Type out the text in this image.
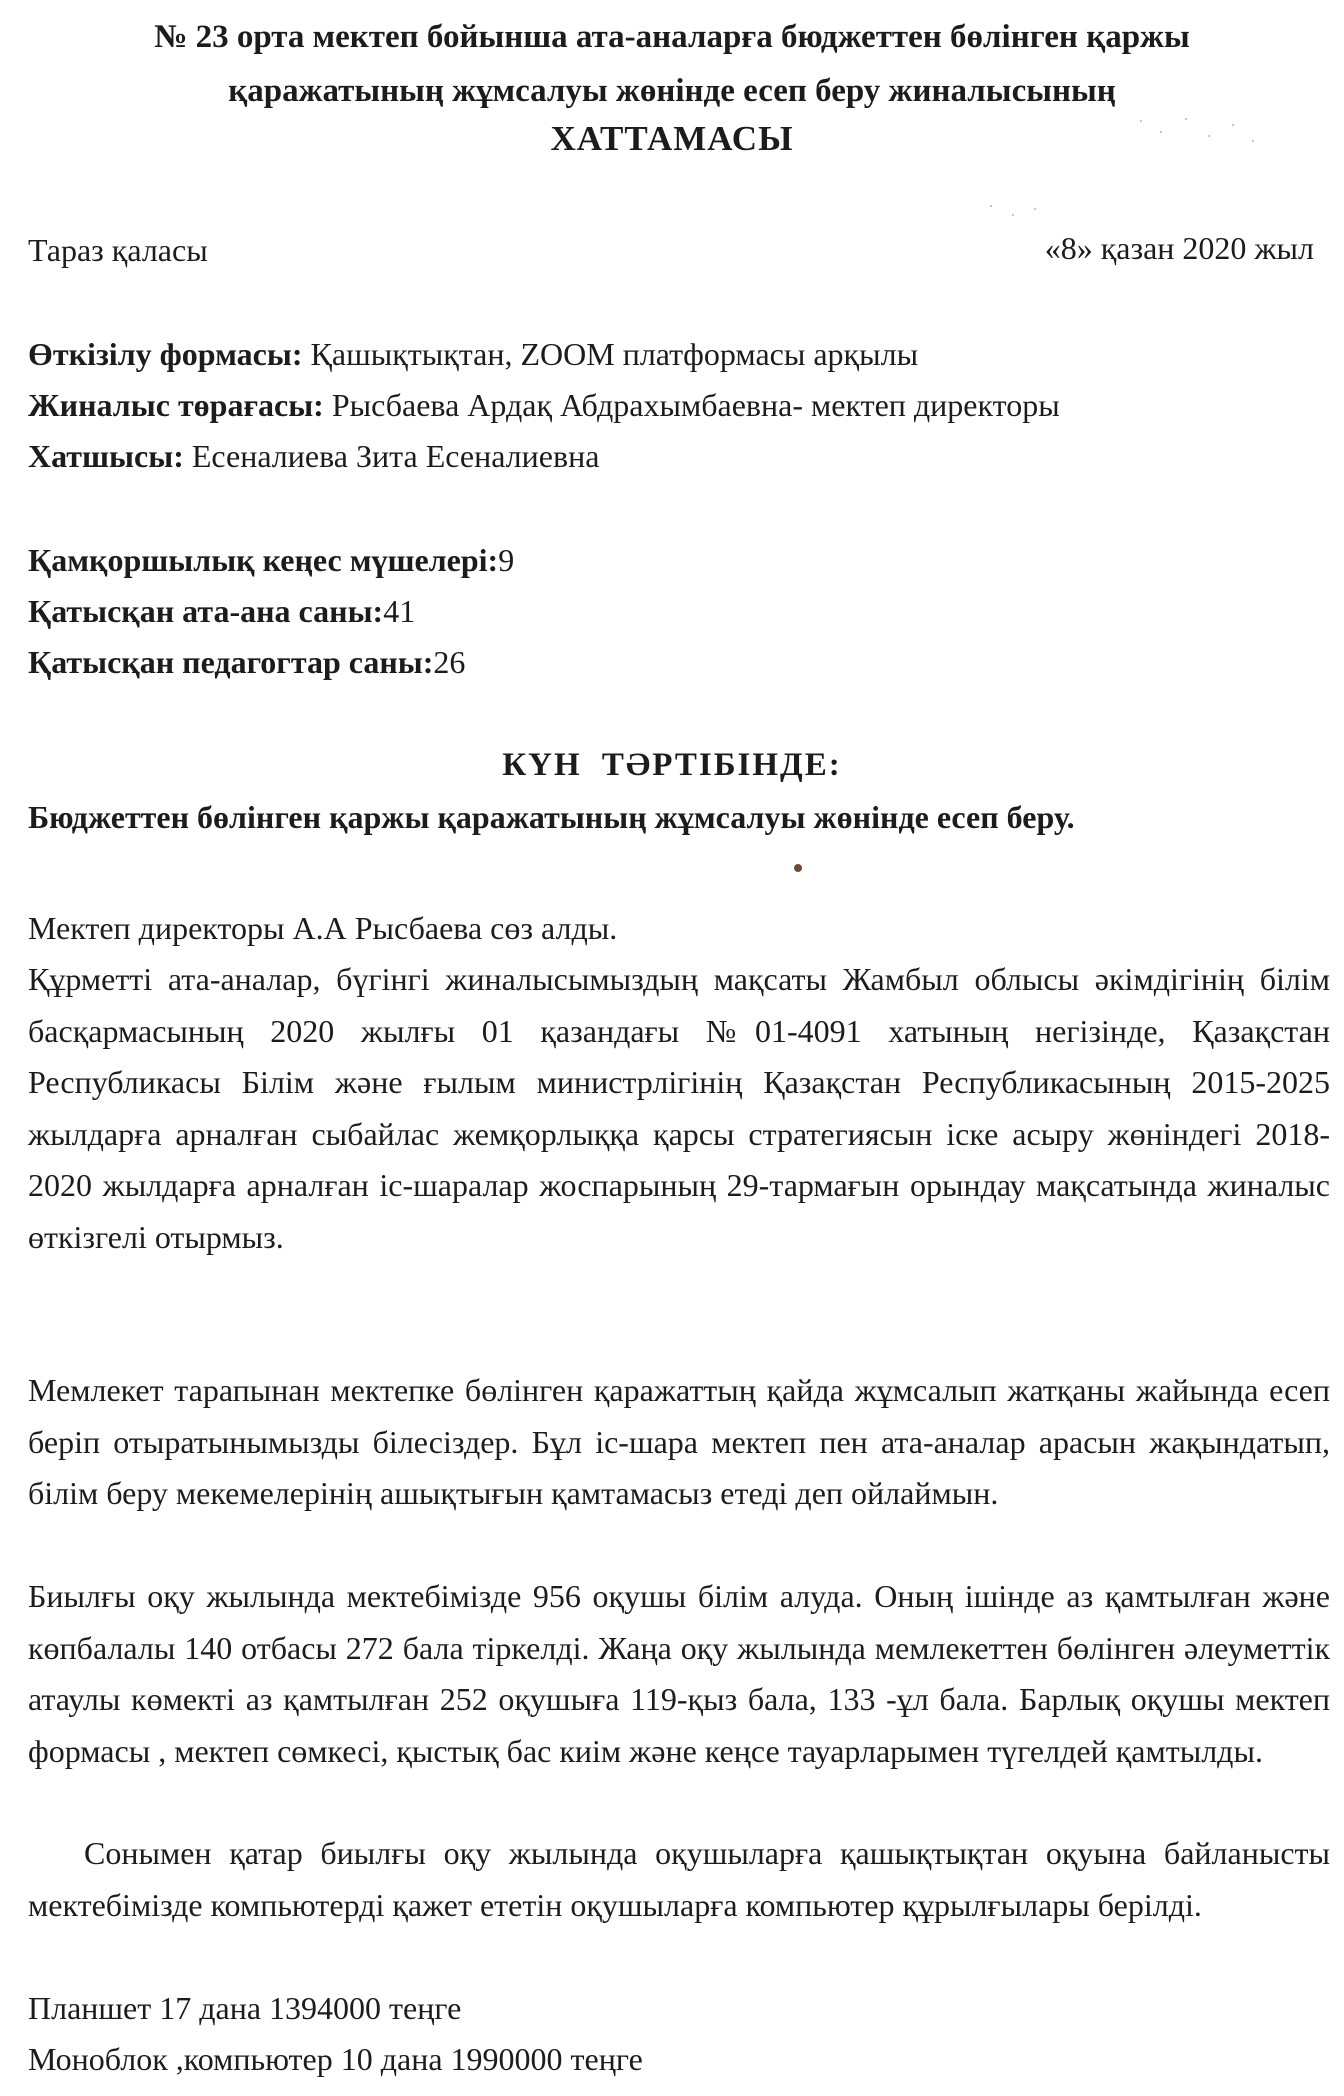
№ 23 орта мектеп бойынша ата-аналарға бюджеттен бөлінген қаржы
қаражатының жұмсалуы жөнінде есеп беру жиналысының
ХАТТАМАСЫ
Тараз қаласы	«8» қазан 2020 жыл
Өткізілу формасы: Қашықтықтан, ZOOM платформасы арқылы
Жиналыс төрағасы: Рысбаева Ардақ Абдрахымбаевна- мектеп директоры
Хатшысы: Есеналиева Зита Есеналиевна
Қамқоршылық кеңес мүшелері:9
Қатысқан ата-ана саны:41
Қатысқан педагогтар саны:26
КҮН ТӘРТІБІНДЕ:
Бюджеттен бөлінген қаржы қаражатының жұмсалуы жөнінде есеп беру.
Мектеп директоры А.А Рысбаева сөз алды.
Құрметті ата-аналар, бүгінгі жиналысымыздың мақсаты Жамбыл облысы әкімдігінің білім басқармасының 2020 жылғы 01 қазандағы №01-4091 хатының негізінде, Қазақстан Республикасы Білім және ғылым министрлігінің Қазақстан Республикасының 2015-2025 жылдарға арналған сыбайлас жемқорлыққа қарсы стратегиясын іске асыру жөніндегі 2018-2020 жылдарға арналған іс-шаралар жоспарының 29-тармағын орындау мақсатында жиналыс өткізгелі отырмыз.
Мемлекет тарапынан мектепке бөлінген қаражаттың қайда жұмсалып жатқаны жайында есеп беріп отыратынымызды білесіздер. Бұл іс-шара мектеп пен ата-аналар арасын жақындатып, білім беру мекемелерінің ашықтығын қамтамасыз етеді деп ойлаймын.
Биылғы оқу жылында мектебімізде 956 оқушы білім алуда. Оның ішінде аз қамтылған және көпбалалы 140 отбасы 272 бала тіркелді. Жаңа оқу жылында мемлекеттен бөлінген әлеуметтік атаулы көмекті аз қамтылған 252 оқушыға 119-қыз бала, 133 -ұл бала. Барлық оқушы мектеп формасы , мектеп сөмкесі, қыстық бас киім және кеңсе тауарларымен түгелдей қамтылды.
Сонымен қатар биылғы оқу жылында оқушыларға қашықтықтан оқуына байланысты мектебімізде компьютерді қажет ететін оқушыларға компьютер құрылғылары берілді.
Планшет 17 дана 1394000 теңге
Моноблок ,компьютер 10 дана 1990000 теңге
